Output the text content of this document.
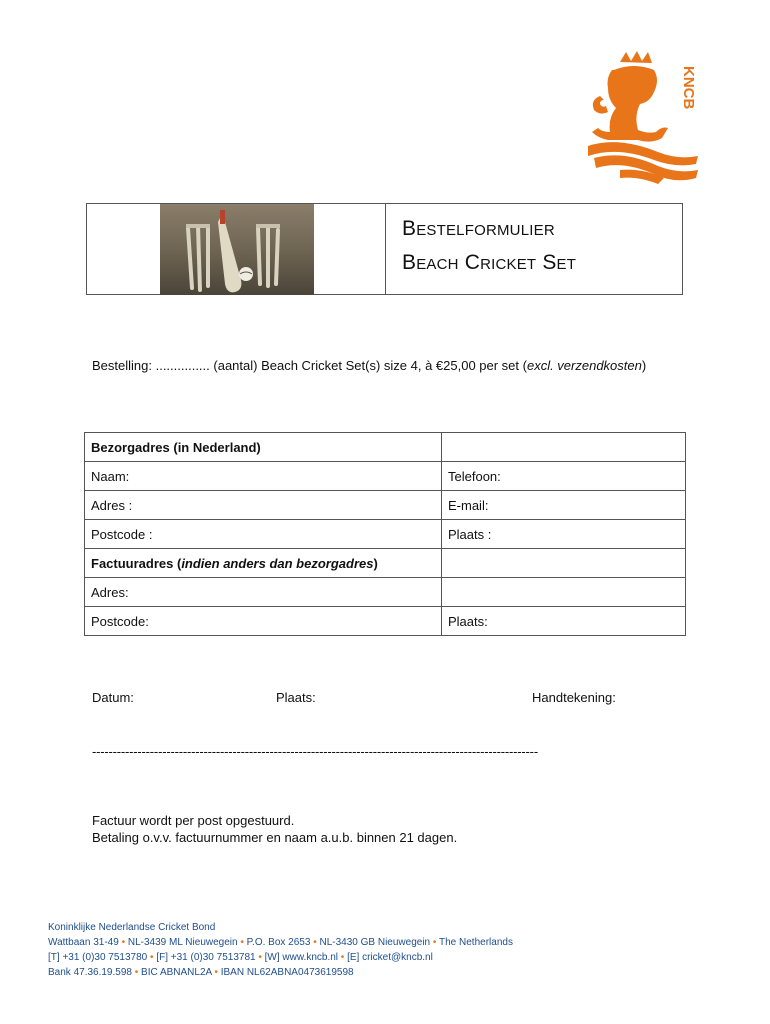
KNCB
Bestelformulier
Beach Cricket Set
Bestelling: ............... (aantal) Beach Cricket Set(s) size 4, à €25,00 per set (excl. verzendkosten)
Bezorgadres (in Nederland)	
Naam:	Telefoon:
Adres :	E-mail:
Postcode :	Plaats :
Factuuradres (indien anders dan bezorgadres)	
Adres:	
Postcode:	Plaats:
Datum:	Plaats:	Handtekening:
------------------------------------------------------------------------------------------------------------
Factuur wordt per post opgestuurd.
Betaling o.v.v. factuurnummer en naam a.u.b. binnen 21 dagen.
Koninklijke Nederlandse Cricket Bond
Wattbaan 31-49 • NL-3439 ML Nieuwegein • P.O. Box 2653 • NL-3430 GB Nieuwegein • The Netherlands
[T] +31 (0)30 7513780 • [F] +31 (0)30 7513781 • [W] www.kncb.nl • [E] cricket@kncb.nl
Bank 47.36.19.598 • BIC ABNANL2A • IBAN NL62ABNA0473619598
